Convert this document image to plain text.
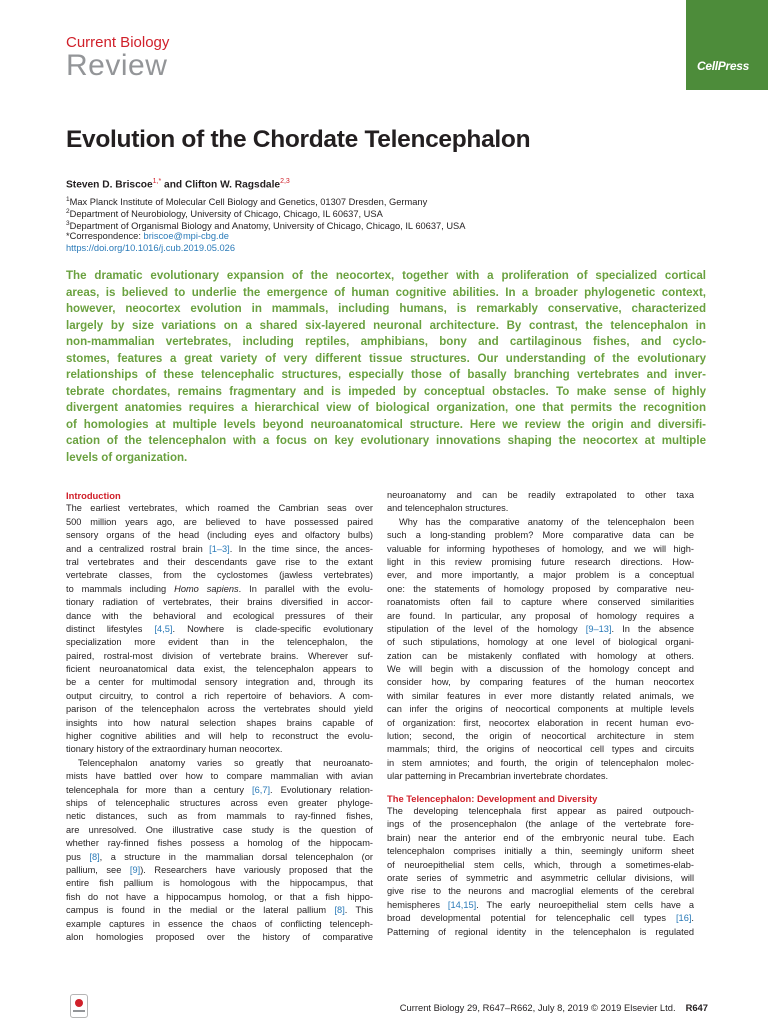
Current Biology
Review	CellPress
Evolution of the Chordate Telencephalon
Steven D. Briscoe$^{1,*}$ and Clifton W. Ragsdale$^{2,3}$
$^1$Max Planck Institute of Molecular Cell Biology and Genetics, 01307 Dresden, Germany
$^2$Department of Neurobiology, University of Chicago, Chicago, IL 60637, USA
$^3$Department of Organismal Biology and Anatomy, University of Chicago, Chicago, IL 60637, USA
*Correspondence: briscoe@mpi-cbg.de
https://doi.org/10.1016/j.cub.2019.05.026
The dramatic evolutionary expansion of the neocortex, together with a proliferation of specialized cortical
areas, is believed to underlie the emergence of human cognitive abilities. In a broader phylogenetic context,
however, neocortex evolution in mammals, including humans, is remarkably conservative, characterized
largely by size variations on a shared six-layered neuronal architecture. By contrast, the telencephalon in
non-mammalian vertebrates, including reptiles, amphibians, bony and cartilaginous fishes, and cyclo-
stomes, features a great variety of very different tissue structures. Our understanding of the evolutionary
relationships of these telencephalic structures, especially those of basally branching vertebrates and inver-
tebrate chordates, remains fragmentary and is impeded by conceptual obstacles. To make sense of highly
divergent anatomies requires a hierarchical view of biological organization, one that permits the recognition
of homologies at multiple levels beyond neuroanatomical structure. Here we review the origin and diversifi-
cation of the telencephalon with a focus on key evolutionary innovations shaping the neocortex at multiple
levels of organization.
Introduction
The earliest vertebrates, which roamed the Cambrian seas over
500 million years ago, are believed to have possessed paired
sensory organs of the head (including eyes and olfactory bulbs)
and a centralized rostral brain [1–3]. In the time since, the ances-
tral vertebrates and their descendants gave rise to the extant
vertebrate classes, from the cyclostomes (jawless vertebrates)
to mammals including Homo sapiens. In parallel with the evolu-
tionary radiation of vertebrates, their brains diversified in accor-
dance with the behavioral and ecological pressures of their
distinct lifestyles [4,5]. Nowhere is clade-specific evolutionary
specialization more evident than in the telencephalon, the
paired, rostral-most division of vertebrate brains. Wherever suf-
ficient neuroanatomical data exist, the telencephalon appears to
be a center for multimodal sensory integration and, through its
output circuitry, to control a rich repertoire of behaviors. A com-
parison of the telencephalon across the vertebrates should yield
insights into how natural selection shapes brains capable of
higher cognitive abilities and will help to reconstruct the evolu-
tionary history of the extraordinary human neocortex.
Telencephalon anatomy varies so greatly that neuroanato-
mists have battled over how to compare mammalian with avian
telencephala for more than a century [6,7]. Evolutionary relation-
ships of telencephalic structures across even greater phyloge-
netic distances, such as from mammals to ray-finned fishes,
are unresolved. One illustrative case study is the question of
whether ray-finned fishes possess a homolog of the hippocam-
pus [8], a structure in the mammalian dorsal telencephalon (or
pallium, see [9]). Researchers have variously proposed that the
entire fish pallium is homologous with the hippocampus, that
fish do not have a hippocampus homolog, or that a fish hippo-
campus is found in the medial or the lateral pallium [8]. This
example captures in essence the chaos of conflicting telenceph-
alon homologies proposed over the history of comparative
neuroanatomy and can be readily extrapolated to other taxa
and telencephalon structures.
Why has the comparative anatomy of the telencephalon been
such a long-standing problem? More comparative data can be
valuable for informing hypotheses of homology, and we will high-
light in this review promising future research directions. How-
ever, and more importantly, a major problem is a conceptual
one: the statements of homology proposed by comparative neu-
roanatomists often fail to capture where conserved similarities
are found. In particular, any proposal of homology requires a
stipulation of the level of the homology [9–13]. In the absence
of such stipulations, homology at one level of biological organi-
zation can be mistakenly conflated with homology at others.
We will begin with a discussion of the homology concept and
consider how, by comparing features of the human neocortex
with similar features in ever more distantly related animals, we
can infer the origins of neocortical components at multiple levels
of organization: first, neocortex elaboration in recent human evo-
lution; second, the origin of neocortical architecture in stem
mammals; third, the origins of neocortical cell types and circuits
in stem amniotes; and fourth, the origin of telencephalon molec-
ular patterning in Precambrian invertebrate chordates.
The Telencephalon: Development and Diversity
The developing telencephala first appear as paired outpouch-
ings of the prosencephalon (the anlage of the vertebrate fore-
brain) near the anterior end of the embryonic neural tube. Each
telencephalon comprises initially a thin, seemingly uniform sheet
of neuroepithelial stem cells, which, through a sometimes-elab-
orate series of symmetric and asymmetric cellular divisions, will
give rise to the neurons and macroglial elements of the cerebral
hemispheres [14,15]. The early neuroepithelial stem cells have a
broad developmental potential for telencephalic cell types [16].
Patterning of regional identity in the telencephalon is regulated
Current Biology 29, R647–R662, July 8, 2019 © 2019 Elsevier Ltd. R647
